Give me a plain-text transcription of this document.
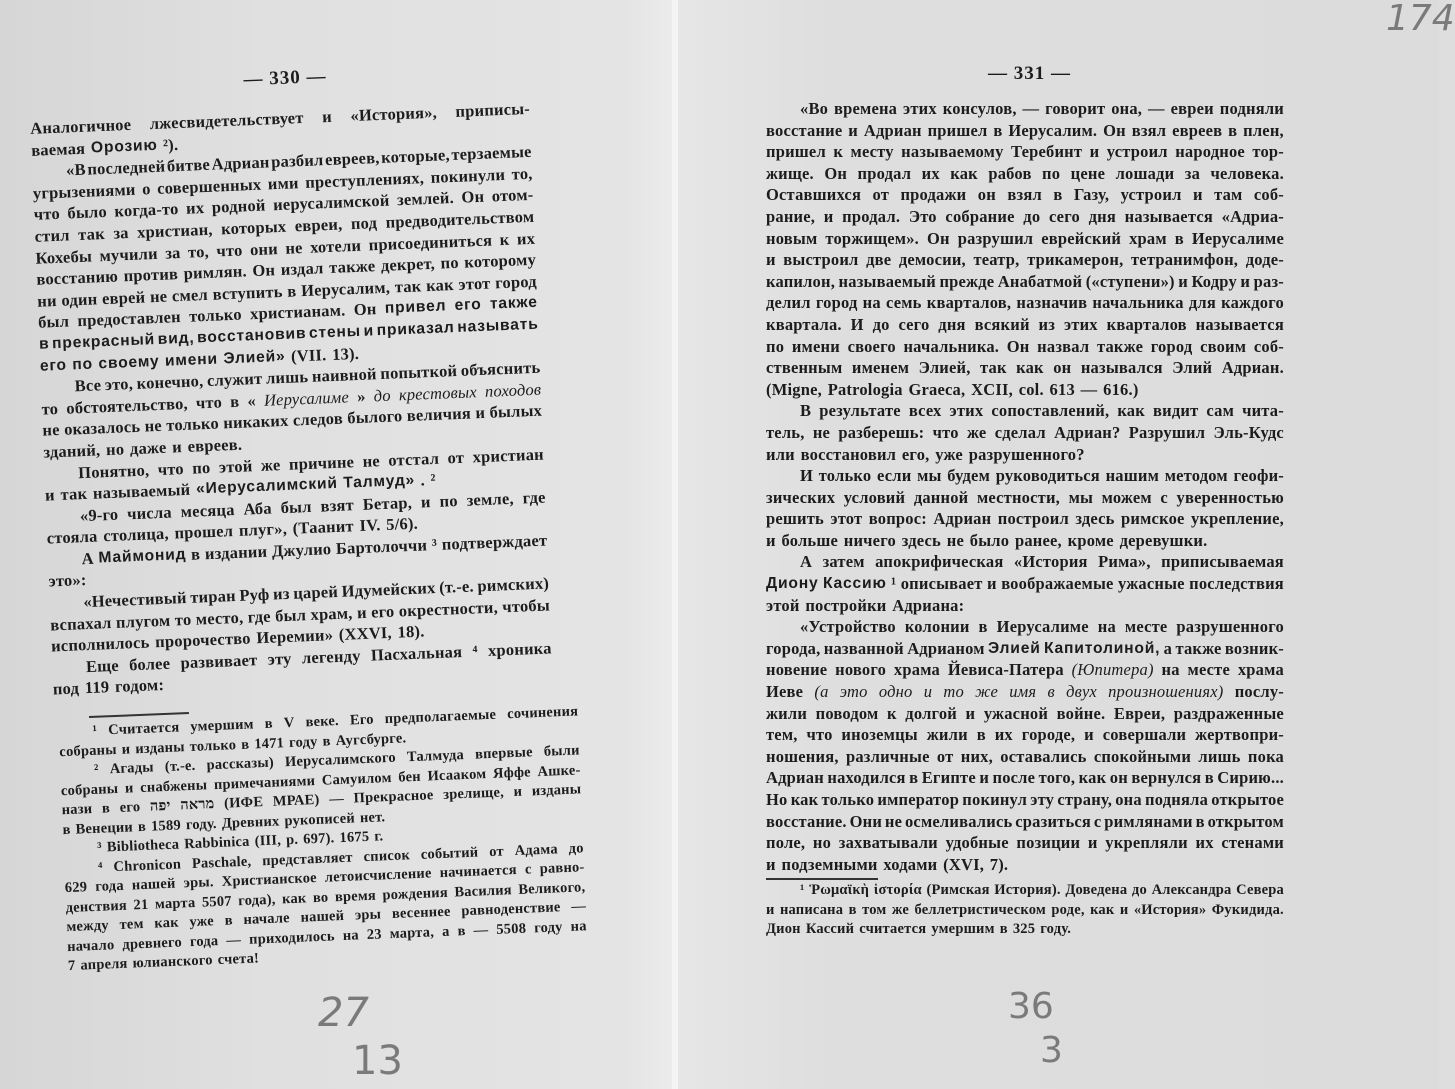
— 330 —
Аналогичное лжесвидетельствует и «История», приписы-
ваемая Орозию ²).
«В последней битве Адриан разбил евреев, которые, терзаемые
угрызениями о совершенных ими преступлениях, покинули то,
что было когда-то их родной иерусалимской землей. Он отом-
стил так за христиан, которых евреи, под предводительством
Кохебы мучили за то, что они не хотели присоединиться к их
восстанию против римлян. Он издал также декрет, по которому
ни один еврей не смел вступить в Иерусалим, так как этот город
был предоставлен только христианам. Он привел его также
в прекрасный вид, восстановив стены и приказал называть
его по своему имени Элией» (VII. 13).
Все это, конечно, служит лишь наивной попыткой объяснить
то обстоятельство, что в « Иерусалиме » до крестовых походов
не оказалось не только никаких следов былого величия и былых
зданий, но даже и евреев.
Понятно, что по этой же причине не отстал от христиан
и так называемый «Иерусалимский Талмуд» . ²
«9-го числа месяца Аба был взят Бетар, и по земле, где
стояла столица, прошел плуг», (Таанит IV. 5/6).
А Маймонид в издании Джулио Бартолоччи ³ подтверждает
это»:
«Нечестивый тиран Руф из царей Идумейских (т.-е. римских)
вспахал плугом то место, где был храм, и его окрестности, чтобы
исполнилось пророчество Иеремии» (XXVI, 18).
Еще более развивает эту легенду Пасхальная ⁴ хроника
под 119 годом:
¹ Считается умершим в V веке. Его предполагаемые сочинения
собраны и изданы только в 1471 году в Аугсбурге.
² Агады (т.-е. рассказы) Иерусалимского Талмуда впервые были
собраны и снабжены примечаниями Самуилом бен Исааком Яффе Ашке-
нази в его יפה מראה (ИФЕ МРАЕ) — Прекрасное зрелище, и изданы
в Венеции в 1589 году. Древних рукописей нет.
³ Bibliotheca Rabbinica (III, p. 697). 1675 г.
⁴ Chronicon Paschale, представляет список событий от Адама до
629 года нашей эры. Христианское летоисчисление начинается с равно-
денствия 21 марта 5507 года), как во время рождения Василия Великого,
между тем как уже в начале нашей эры весеннее равноденствие —
начало древнего года — приходилось на 23 марта, а в — 5508 году на
7 апреля юлианского счета!
— 331 —
«Во времена этих консулов, — говорит она, — евреи подняли
восстание и Адриан пришел в Иерусалим. Он взял евреев в плен,
пришел к месту называемому Теребинт и устроил народное тор-
жище. Он продал их как рабов по цене лошади за человека.
Оставшихся от продажи он взял в Газу, устроил и там соб-
рание, и продал. Это собрание до сего дня называется «Адриа-
новым торжищем». Он разрушил еврейский храм в Иерусалиме
и выстроил две демосии, театр, трикамерон, тетранимфон, доде-
капилон, называемый прежде Анабатмой («ступени») и Кодру и раз-
делил город на семь кварталов, назначив начальника для каждого
квартала. И до сего дня всякий из этих кварталов называется
по имени своего начальника. Он назвал также город своим соб-
ственным именем Элией, так как он назывался Элий Адриан.
(Migne, Patrologia Graeca, XCII, col. 613 — 616.)
В результате всех этих сопоставлений, как видит сам чита-
тель, не разберешь: что же сделал Адриан? Разрушил Эль-Кудс
или восстановил его, уже разрушенного?
И только если мы будем руководиться нашим методом геофи-
зических условий данной местности, мы можем с уверенностью
решить этот вопрос: Адриан построил здесь римское укрепление,
и больше ничего здесь не было ранее, кроме деревушки.
А затем апокрифическая «История Рима», приписываемая
Диону Кассию ¹ описывает и воображаемые ужасные последствия
этой постройки Адриана:
«Устройство колонии в Иерусалиме на месте разрушенного
города, названной Адрианом Элией Капитолиной, а также возник-
новение нового храма Йевиса-Патера (Юпитера) на месте храма
Иеве (а это одно и то же имя в двух произношениях) послу-
жили поводом к долгой и ужасной войне. Евреи, раздраженные
тем, что иноземцы жили в их городе, и совершали жертвопри-
ношения, различные от них, оставались спокойными лишь пока
Адриан находился в Египте и после того, как он вернулся в Сирию...
Но как только император покинул эту страну, она подняла открытое
восстание. Они не осмеливались сразиться с римлянами в открытом
поле, но захватывали удобные позиции и укрепляли их стенами
и подземными ходами (XVI, 7).
¹ Ῥωμαϊκὴ ἱστορία (Римская История). Доведена до Александра Севера
и написана в том же беллетристическом роде, как и «История» Фукидида.
Дион Кассий считается умершим в 325 году.
174
27
13
36
3
